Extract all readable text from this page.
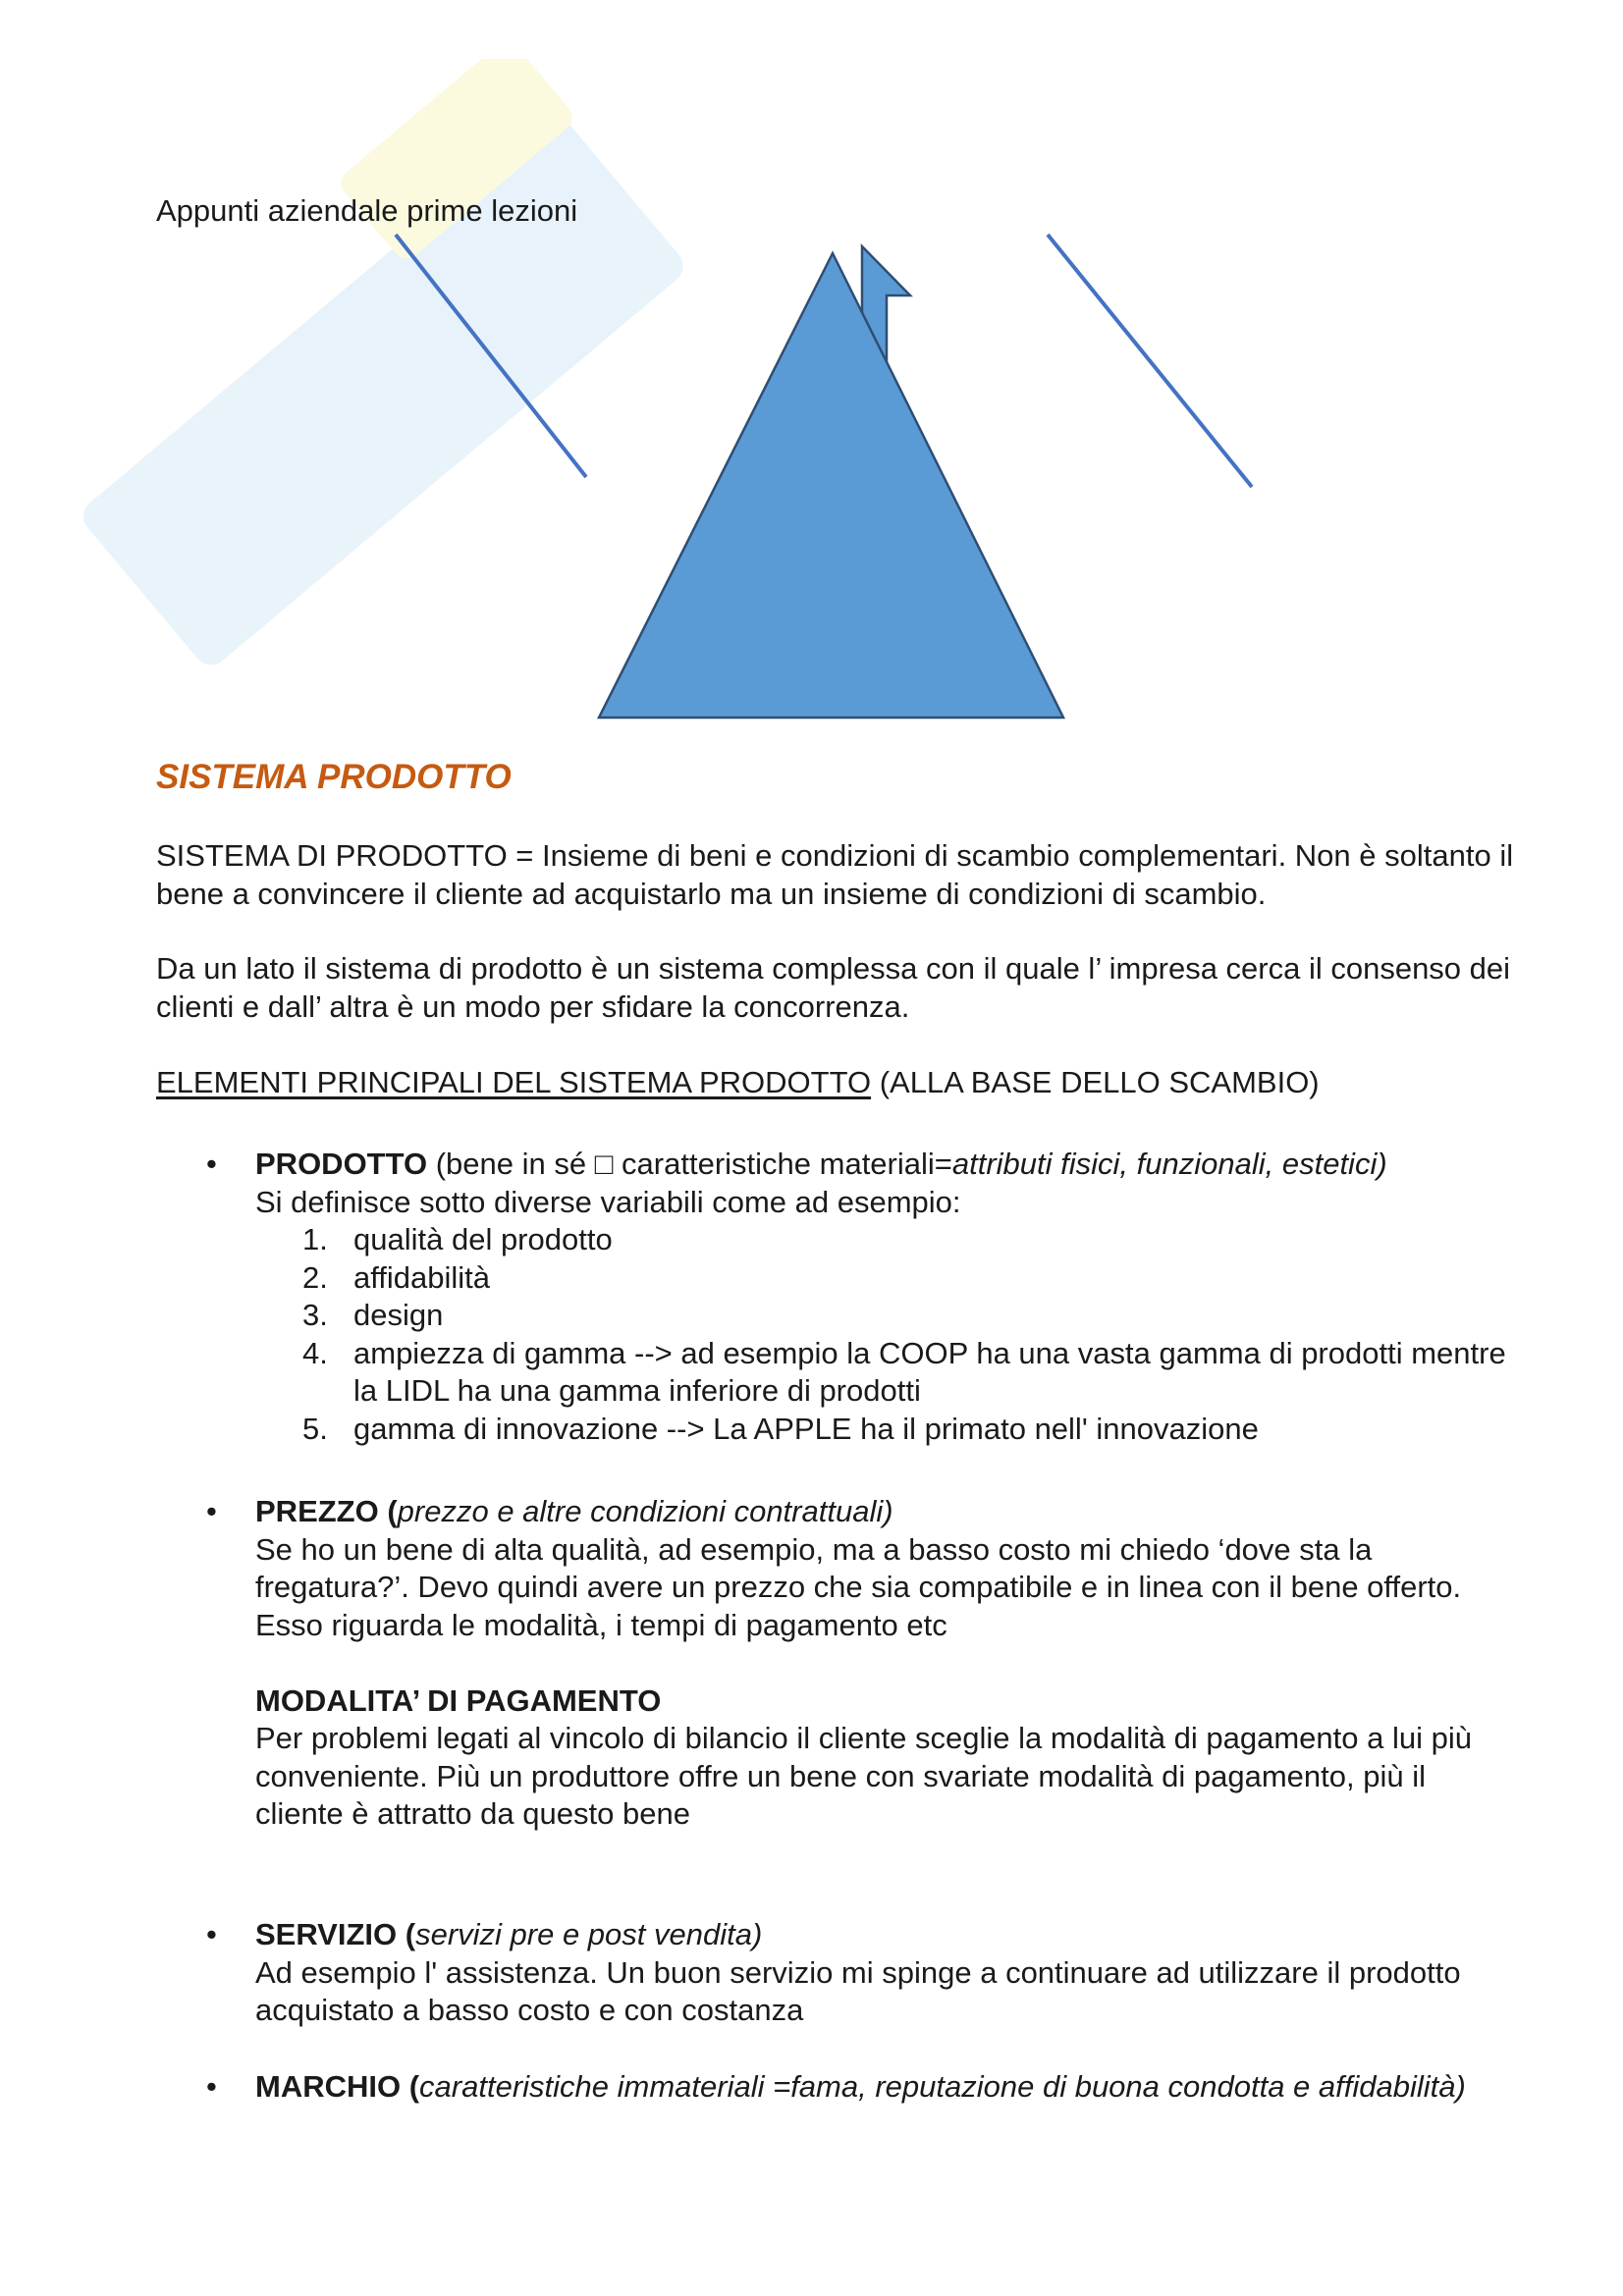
Appunti aziendale prime lezioni
SISTEMA PRODOTTO
SISTEMA DI PRODOTTO = Insieme di beni e condizioni di scambio complementari. Non è soltanto il bene a convincere il cliente ad acquistarlo ma un insieme di condizioni di scambio.
Da un lato il sistema di prodotto è un sistema complessa con il quale l’ impresa cerca il consenso dei clienti e dall’ altra è un modo per sfidare la concorrenza.
ELEMENTI PRINCIPALI DEL SISTEMA PRODOTTO (ALLA BASE DELLO SCAMBIO)
•	PRODOTTO (bene in sé □ caratteristiche materiali=attributi fisici, funzionali, estetici)
Si definisce sotto diverse variabili come ad esempio:
1. qualità del prodotto
2. affidabilità
3. design
4. ampiezza di gamma --> ad esempio la COOP ha una vasta gamma di prodotti mentre la LIDL ha una gamma inferiore di prodotti
5. gamma di innovazione --> La APPLE ha il primato nell' innovazione
•	PREZZO (prezzo e altre condizioni contrattuali)
Se ho un bene di alta qualità, ad esempio, ma a basso costo mi chiedo ‘dove sta la fregatura?’. Devo quindi avere un prezzo che sia compatibile e in linea con il bene offerto. Esso riguarda le modalità, i tempi di pagamento etc
MODALITA’ DI PAGAMENTO
Per problemi legati al vincolo di bilancio il cliente sceglie la modalità di pagamento a lui più conveniente. Più un produttore offre un bene con svariate modalità di pagamento, più il cliente è attratto da questo bene
•	SERVIZIO (servizi pre e post vendita)
Ad esempio l' assistenza. Un buon servizio mi spinge a continuare ad utilizzare il prodotto acquistato a basso costo e con costanza
•	MARCHIO (caratteristiche immateriali =fama, reputazione di buona condotta e affidabilità)
